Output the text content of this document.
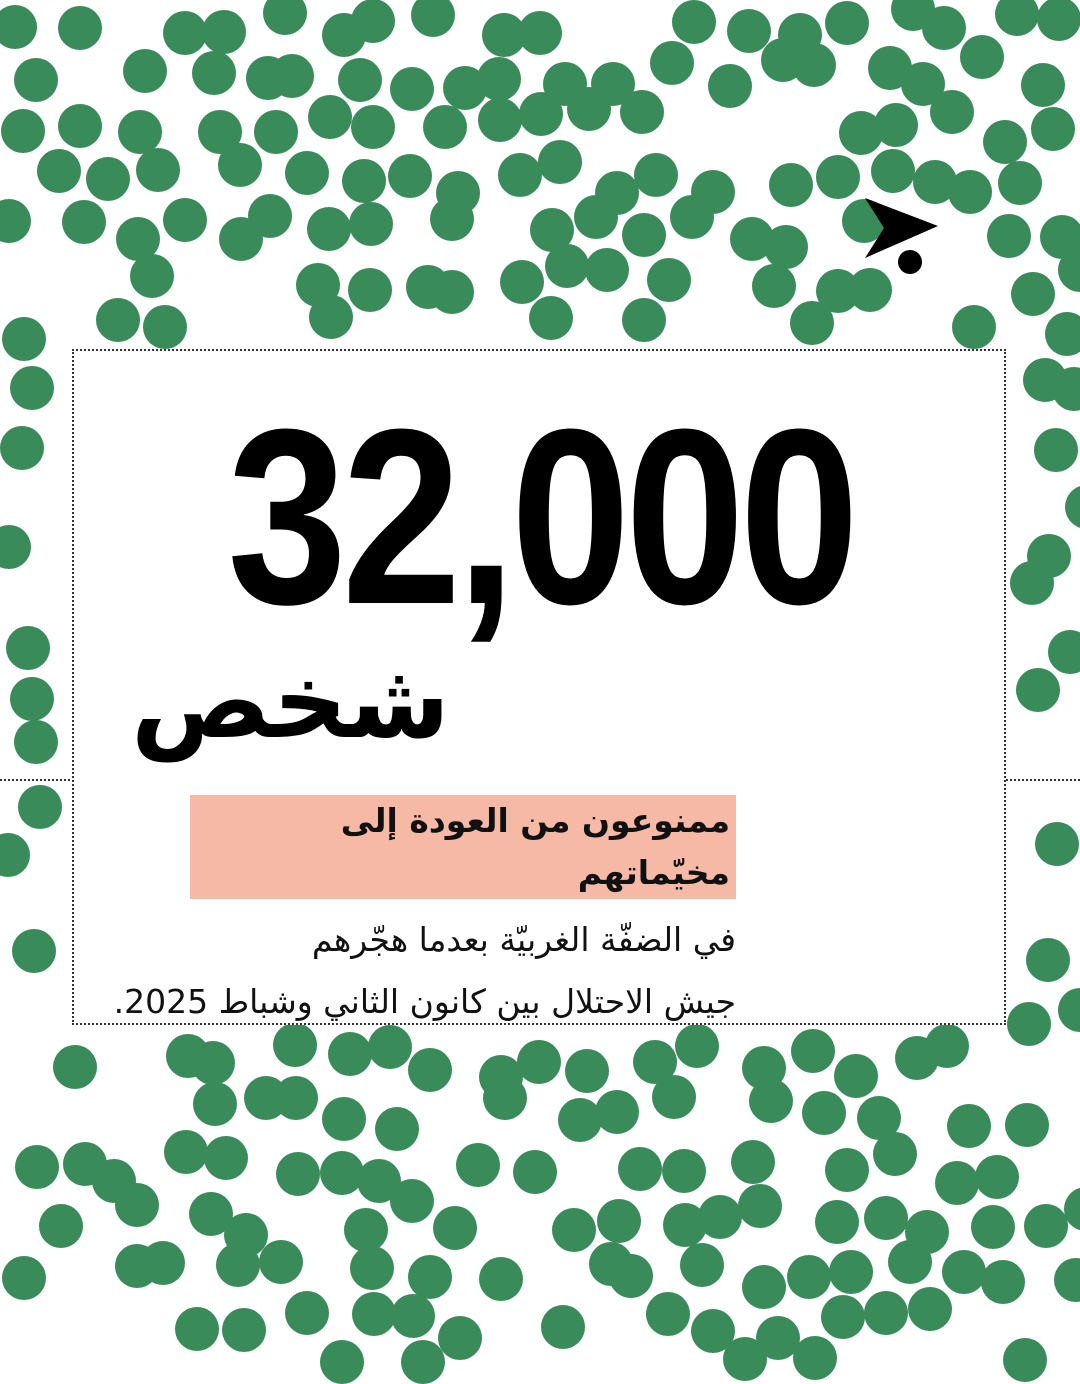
32,000
شخص
ممنوعون من العودة إلى مخيّماتهم
في الضفّة الغربيّة بعدما هجّرهم
جيش الاحتلال بين كانون الثاني وشباط 2025.
